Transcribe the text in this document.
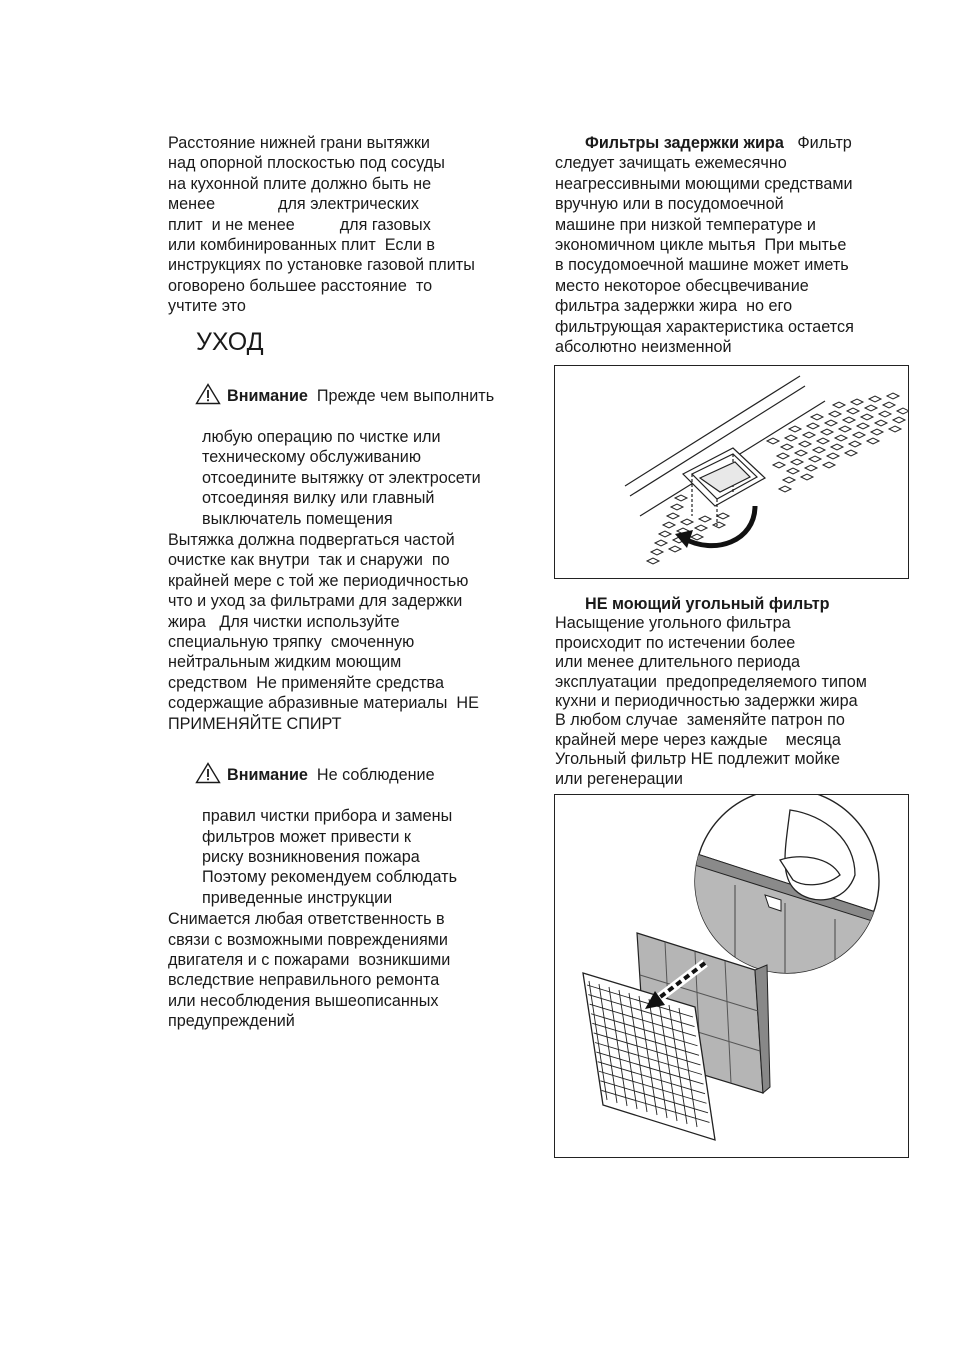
Расстояние нижней грани вытяжки
над опорной плоскостью под сосуды
на кухонной плите должно быть не
менее              для электрических
плит  и не менее          для газовых
или комбинированных плит  Если в
инструкциях по установке газовой плиты
оговорено большее расстояние  то
учтите это
УХОД

Внимание Прежде чем выполнить

любую операцию по чистке или
техническому обслуживанию
отсоедините вытяжку от электросети
отсоединяя вилку или главный
выключатель помещения
Вытяжка должна подвергаться частой
очистке как внутри  так и снаружи  по
крайней мере с той же периодичностью
что и уход за фильтрами для задержки
жира   Для чистки используйте
специальную тряпку  смоченную
нейтральным жидким моющим
средством  Не применяйте средства
содержащие абразивные материалы  НЕ
ПРИМЕНЯЙТЕ СПИРТ

Внимание Не соблюдение

правил чистки прибора и замены
фильтров может привести к
риску возникновения пожара
Поэтому рекомендуем соблюдать
приведенные инструкции
Снимается любая ответственность в
связи с возможными повреждениями
двигателя и с пожарами  возникшими
вследствие неправильного ремонта
или несоблюдения вышеописанных
предупреждений
Фильтры задержки жира Фильтр
следует зачищать ежемесячно
неагрессивными моющими средствами
вручную или в посудомоечной
машине при низкой температуре и
экономичном цикле мытья  При мытье
в посудомоечной машине может иметь
место некоторое обесцвечивание
фильтра задержки жира  но его
фильтрующая характеристика остается
абсолютно неизменной
НЕ моющий угольный фильтр
Насыщение угольного фильтра
происходит по истечении более
или менее длительного периода
эксплуатации  предопределяемого типом
кухни и периодичностью задержки жира
В любом случае  заменяйте патрон по
крайней мере через каждые    месяца
Угольный фильтр НЕ подлежит мойке
или регенерации
